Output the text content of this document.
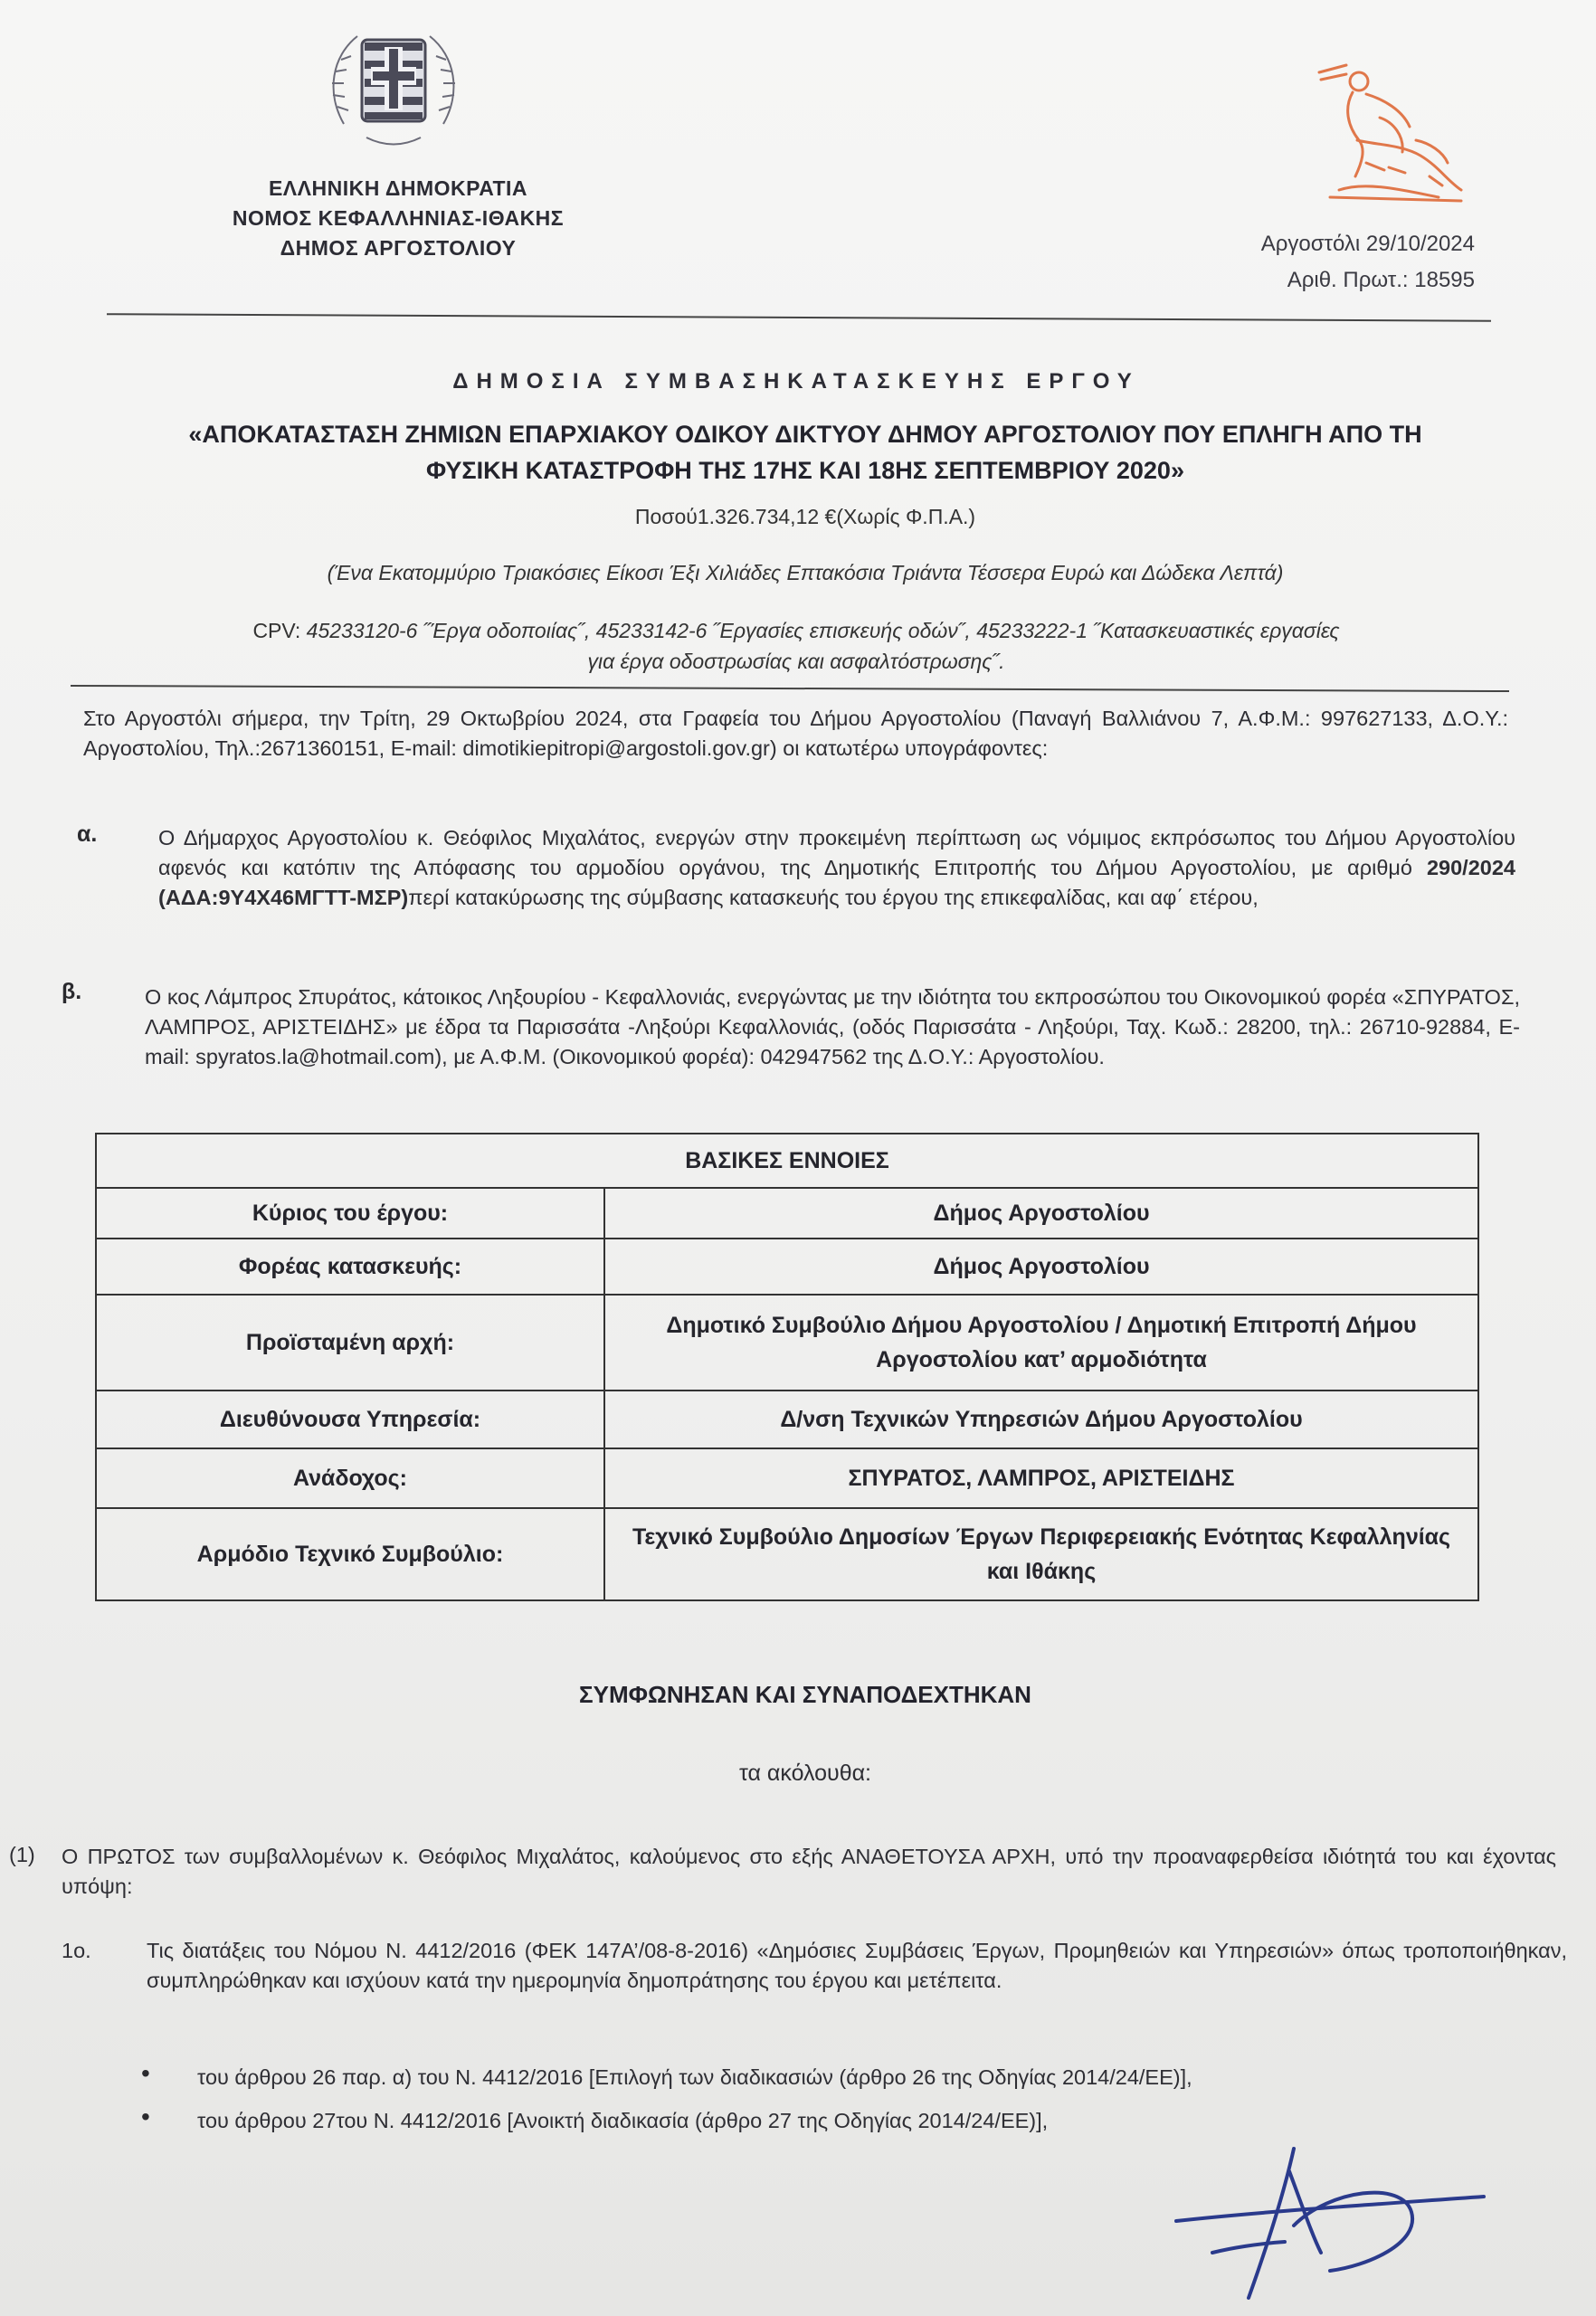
ΕΛΛΗΝΙΚΗ ΔΗΜΟΚΡΑΤΙΑ
ΝΟΜΟΣ ΚΕΦΑΛΛΗΝΙΑΣ-ΙΘΑΚΗΣ
ΔΗΜΟΣ ΑΡΓΟΣΤΟΛΙΟΥ	Αργοστόλι 29/10/2024
Αριθ. Πρωτ.: 18595
ΔΗΜΟΣΙΑ ΣΥΜΒΑΣΗΚΑΤΑΣΚΕΥΗΣ ΕΡΓΟΥ
«ΑΠΟΚΑΤΑΣΤΑΣΗ ΖΗΜΙΩΝ ΕΠΑΡΧΙΑΚΟΥ ΟΔΙΚΟΥ ΔΙΚΤΥΟΥ ΔΗΜΟΥ ΑΡΓΟΣΤΟΛΙΟΥ ΠΟΥ ΕΠΛΗΓΗ ΑΠΟ ΤΗ
ΦΥΣΙΚΗ ΚΑΤΑΣΤΡΟΦΗ ΤΗΣ 17ΗΣ ΚΑΙ 18ΗΣ ΣΕΠΤΕΜΒΡΙΟΥ 2020»
Ποσού1.326.734,12 €(Χωρίς Φ.Π.Α.)
(Ένα Εκατομμύριο Τριακόσιες Είκοσι Έξι Χιλιάδες Επτακόσια Τριάντα Τέσσερα Ευρώ και Δώδεκα Λεπτά)
CPV: 45233120-6 ˝Έργα οδοποιίας˝, 45233142-6 ˝Εργασίες επισκευής οδών˝, 45233222-1 ˝Κατασκευαστικές εργασίες
για έργα οδοστρωσίας και ασφαλτόστρωσης˝.
Στο Αργοστόλι σήμερα, την Τρίτη, 29 Οκτωβρίου 2024, στα Γραφεία του Δήμου Αργοστολίου (Παναγή Βαλλιάνου 7, Α.Φ.Μ.: 997627133, Δ.Ο.Υ.: Αργοστολίου, Τηλ.:2671360151, E-mail: dimotikiepitropi@argostoli.gov.gr) οι κατωτέρω υπογράφοντες:
α.	Ο Δήμαρχος Αργοστολίου κ. Θεόφιλος Μιχαλάτος, ενεργών στην προκειμένη περίπτωση ως νόμιμος εκπρόσωπος του Δήμου Αργοστολίου αφενός και κατόπιν της Απόφασης του αρμοδίου οργάνου, της Δημοτικής Επιτροπής του Δήμου Αργοστολίου, με αριθμό 290/2024 (ΑΔΑ:9Υ4Χ46ΜΓΤΤ-ΜΣΡ)περί κατακύρωσης της σύμβασης κατασκευής του έργου της επικεφαλίδας, και αφ΄ ετέρου,
β.	Ο κος Λάμπρος Σπυράτος, κάτοικος Ληξουρίου - Κεφαλλονιάς, ενεργώντας με την ιδιότητα του εκπροσώπου του Οικονομικού φορέα «ΣΠΥΡΑΤΟΣ, ΛΑΜΠΡΟΣ, ΑΡΙΣΤΕΙΔΗΣ» με έδρα τα Παρισσάτα -Ληξούρι Κεφαλλονιάς, (οδός Παρισσάτα - Ληξούρι, Ταχ. Κωδ.: 28200, τηλ.: 26710-92884, E-mail: spyratos.la@hotmail.com), με Α.Φ.Μ. (Οικονομικού φορέα): 042947562 της Δ.Ο.Υ.: Αργοστολίου.
ΒΑΣΙΚΕΣ ΕΝΝΟΙΕΣ
Κύριος του έργου:	Δήμος Αργοστολίου
Φορέας κατασκευής:	Δήμος Αργοστολίου
Προϊσταμένη αρχή:
Δημοτικό Συμβούλιο Δήμου Αργοστολίου / Δημοτική Επιτροπή Δήμου Αργοστολίου κατ’ αρμοδιότητα
Διευθύνουσα Υπηρεσία:	Δ/νση Τεχνικών Υπηρεσιών Δήμου Αργοστολίου
Ανάδοχος:	ΣΠΥΡΑΤΟΣ, ΛΑΜΠΡΟΣ, ΑΡΙΣΤΕΙΔΗΣ
Αρμόδιο Τεχνικό Συμβούλιο:
Τεχνικό Συμβούλιο Δημοσίων Έργων Περιφερειακής Ενότητας Κεφαλληνίας και Ιθάκης
ΣΥΜΦΩΝΗΣΑΝ ΚΑΙ ΣΥΝΑΠΟΔΕΧΤΗΚΑΝ
τα ακόλουθα:
(1) Ο ΠΡΩΤΟΣ των συμβαλλομένων κ. Θεόφιλος Μιχαλάτος, καλούμενος στο εξής ΑΝΑΘΕΤΟΥΣΑ ΑΡΧΗ, υπό την προαναφερθείσα ιδιότητά του και έχοντας υπόψη:
1ο.	Τις διατάξεις του Νόμου Ν. 4412/2016 (ΦΕΚ 147Α’/08-8-2016) «Δημόσιες Συμβάσεις Έργων, Προμηθειών και Υπηρεσιών» όπως τροποποιήθηκαν, συμπληρώθηκαν και ισχύουν κατά την ημερομηνία δημοπράτησης του έργου και μετέπειτα.
• του άρθρου 26 παρ. α) του Ν. 4412/2016 [Επιλογή των διαδικασιών (άρθρο 26 της Οδηγίας 2014/24/ΕΕ)],
• του άρθρου 27του Ν. 4412/2016 [Ανοικτή διαδικασία (άρθρο 27 της Οδηγίας 2014/24/ΕΕ)],
